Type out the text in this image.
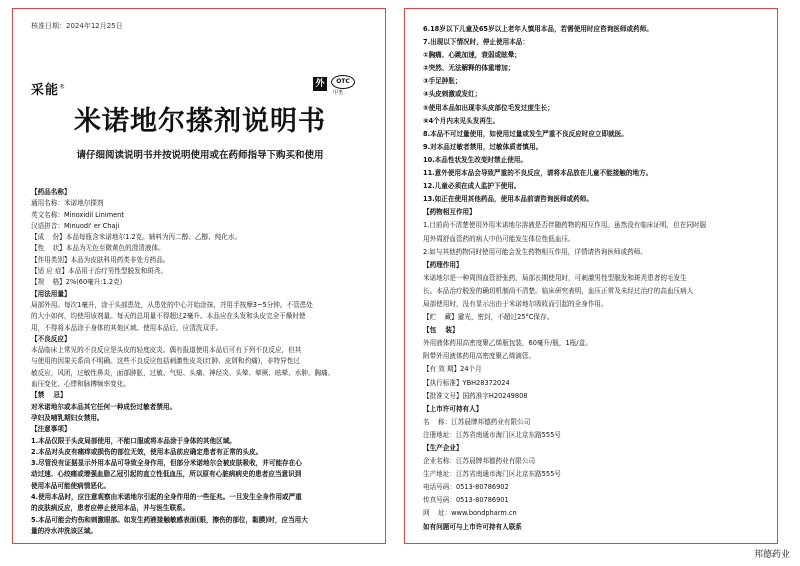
核准日期：2024年12月25日
采能®	外	OTC
甲类
米诺地尔搽剂说明书
请仔细阅读说明书并按说明使用或在药师指导下购买和使用
【药品名称】
通用名称：米诺地尔搽剂
英文名称：Minoxidil Liniment
汉语拼音：Minuodi' er Chaji
【成    份】本品每瓶含米诺地尔1.2克。辅料为丙二醇、乙醇、纯化水。
【性    状】本品为无色至微黄色的澄清液体。
【作用类别】本品为皮肤科用药类非处方药品。
【适 应 症】本品用于治疗男性型脱发和斑秃。
【规    格】2%(60毫升:1.2克)
【用法用量】
局部外用。每次1毫升，涂于头部患处，从患处的中心开始涂抹，并用手按摩3~5分钟。不管患处
的大小如何，均使用该剂量。每天的总用量不得超过2毫升。本品应在头发和头皮完全干燥时使
用，不得将本品涂于身体的其他区域。使用本品后，应清洗双手。
【不良反应】
本品临床上常见的不良反应是头皮的轻度皮炎。偶有报道使用本品后可有下列不良反应，但其
与使用的因果关系尚不明确。这些不良反应包括刺激性皮炎(红肿、皮屑和灼痛)，非特异性过
敏反应，风团，过敏性鼻炎，面部肿胀，过敏、气短、头痛、神经炎、头晕、晕厥、眩晕、水肿、胸痛、
血压变化、心悸和脉搏频率变化。
【禁    忌】
对米诺地尔或本品其它任何一种成份过敏者禁用。
孕妇及哺乳期妇女禁用。
【注意事项】
1.本品仅限于头皮局部使用，不能口服或将本品涂于身体的其他区域。
2.本品对头皮有痛痒或损伤的部位无效，使用本品前应确定患者有正常的头皮。
3.尽管没有证据显示外用本品可导致全身作用，但部分米诺地尔会被皮肤吸收，并可能存在心
动过速、心绞痛或增强血脂乙冠引起的直立性低血压，所以原有心脏病病史的患者应当意识到
使用本品可能使病情恶化。
4.使用本品时，应注意观察由米诺地尔引起的全身作用的一些征兆。一旦发生全身作用或严重
的皮肤病反应，患者应停止使用本品，并与医生联系。
5.本品可能会灼伤和刺激眼部。如发生药液接触敏感表面(眼，擦伤的部位，黏膜)时，应当用大
量的冷水冲洗该区域。
6.18岁以下儿童及65岁以上老年人慎用本品，若需使用时应咨询医师或药师。
7.出现以下情况时，停止使用本品：
①胸痛、心跳加速，衰弱或眩晕；
②突然、无法解释的体重增加；
③手足肿胀；
④头皮刺激或发红；
⑤使用本品如出现非头皮部位毛发过度生长；
⑥4个月内未见头发再生。
8.本品不可过量使用，如使用过量或发生严重不良反应时应立即就医。
9.对本品过敏者禁用，过敏体质者慎用。
10.本品性状发生改变时禁止使用。
11.意外使用本品会导致严重的不良反应，请将本品放在儿童不能接触的地方。
12.儿童必须在成人监护下使用。
13.如正在使用其他药品，使用本品前请咨询医师或药师。
【药物相互作用】
1.目前尚不清楚使用外用米诺地尔溶液是否伴随药物的相互作用。虽然没有临床证明，但在同时服
用外周舒血管药的病人中仍可能发生体位性低血压。
2.如与其他药物同时使用可能会发生药物相互作用，详情请咨询医师或药师。
【药理作用】
米诺地尔是一种周围血管舒张药，局部长期使用时，可刺激男性型脱发和斑秃患者的毛发生
长。本品治疗脱发的确切机制尚不清楚。临床研究表明，血压正常及未经过治疗的高血压病人
局部使用时，没有显示出由于米诺地尔吸收而引起的全身作用。
【贮    藏】避光，密封，不超过25°C保存。
【包    装】
外用液体药用高密度聚乙烯瓶包装，60毫升/瓶，1瓶/盒。
附带外用液体药用高密度聚乙烯滴管。
【有 效 期】24个月
【执行标准】YBH28372024
【批准文号】国药准字H20249808
【上市许可持有人】
名    称：江苏晨牌邦德药业有限公司
注册地址：江苏省南通市海门区北京东路555号
【生产企业】
企业名称：江苏晨牌邦德药业有限公司
生产地址：江苏省南通市海门区北京东路555号
电话号码：0513-80786902
传真号码：0513-80786901
网    址：www.bondpharm.cn
如有问题可与上市许可持有人联系
邦德药业
